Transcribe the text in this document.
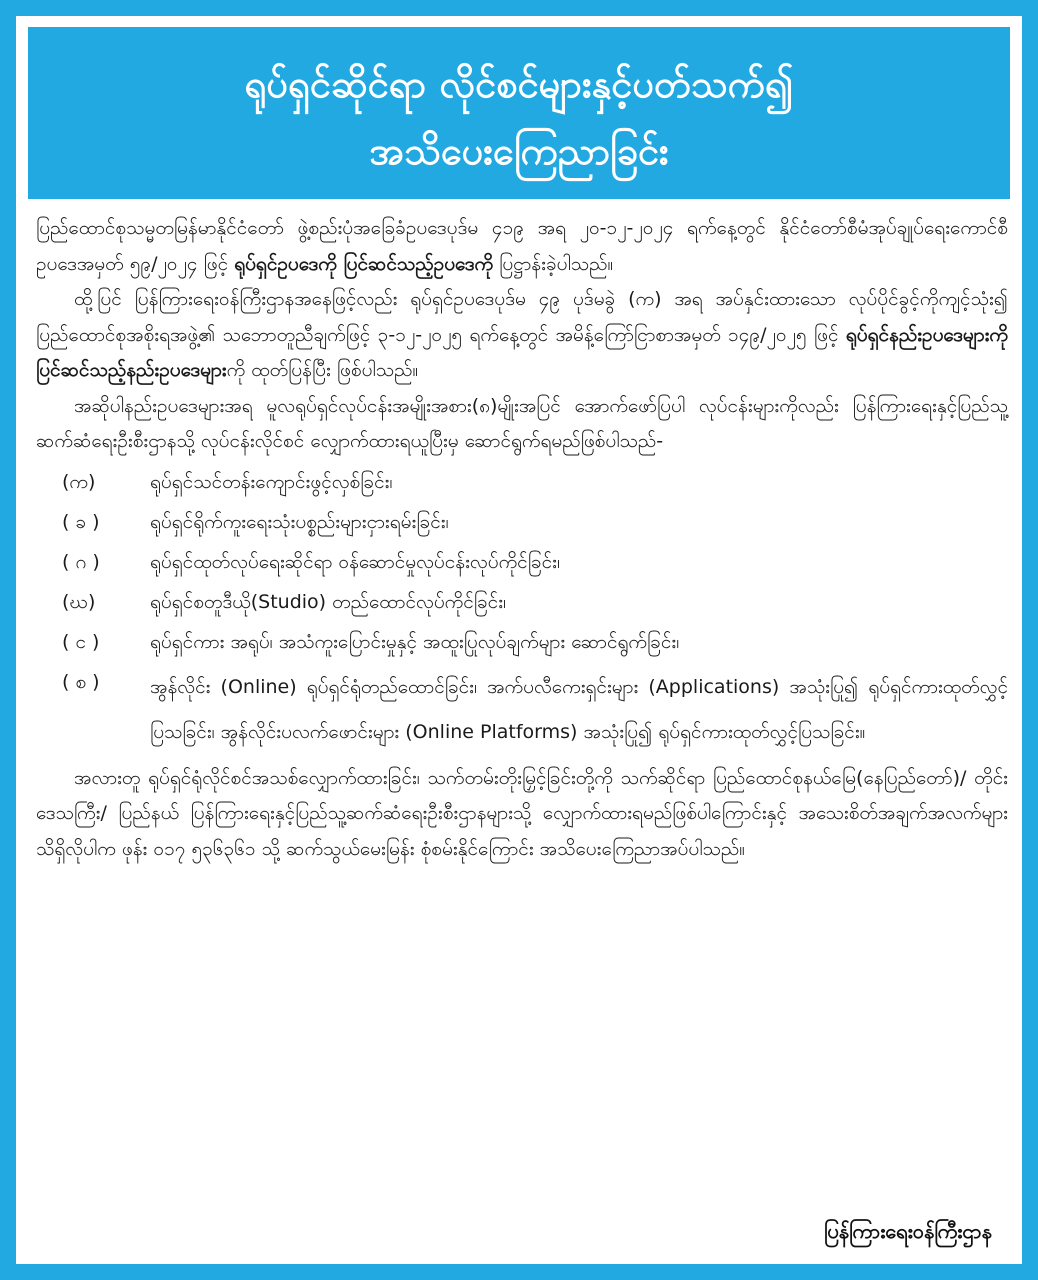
ရုပ်ရှင်ဆိုင်ရာ လိုင်စင်များနှင့်ပတ်သက်၍
အသိပေးကြေညာခြင်း

ပြည်ထောင်စုသမ္မတမြန်မာနိုင်ငံတော် ဖွဲ့စည်းပုံအခြေခံဥပဒေပုဒ်မ ၄၁၉ အရ ၂၀-၁၂-၂၀၂၄ ရက်နေ့တွင် နိုင်ငံတော်စီမံအုပ်ချုပ်ရေးကောင်စီ ဥပဒေအမှတ် ၅၉/၂၀၂၄ ဖြင့် ရုပ်ရှင်ဥပဒေကို ပြင်ဆင်သည့်ဥပဒေကို ပြဋ္ဌာန်းခဲ့ပါသည်။

ထို့ပြင် ပြန်ကြားရေးဝန်ကြီးဌာနအနေဖြင့်လည်း ရုပ်ရှင်ဥပဒေပုဒ်မ ၄၉ ပုဒ်မခွဲ (က) အရ အပ်နှင်းထားသော လုပ်ပိုင်ခွင့်ကိုကျင့်သုံး၍ ပြည်ထောင်စုအစိုးရအဖွဲ့၏ သဘောတူညီချက်ဖြင့် ၃-၁၂-၂၀၂၅ ရက်နေ့တွင် အမိန့်ကြော်ငြာစာအမှတ် ၁၄၉/၂၀၂၅ ဖြင့် ရုပ်ရှင်နည်းဥပဒေများကို ပြင်ဆင်သည့်နည်းဥပဒေများကို ထုတ်ပြန်ပြီး ဖြစ်ပါသည်။

အဆိုပါနည်းဥပဒေများအရ မူလရုပ်ရှင်လုပ်ငန်းအမျိုးအစား(၈)မျိုးအပြင် အောက်ဖော်ပြပါ လုပ်ငန်းများကိုလည်း ပြန်ကြားရေးနှင့်ပြည်သူ့ဆက်ဆံရေးဦးစီးဌာနသို့ လုပ်ငန်းလိုင်စင် လျှောက်ထားရယူပြီးမှ ဆောင်ရွက်ရမည်ဖြစ်ပါသည်-

(က)	ရုပ်ရှင်သင်တန်းကျောင်းဖွင့်လှစ်ခြင်း၊
( ခ )	ရုပ်ရှင်ရိုက်ကူးရေးသုံးပစ္စည်းများငှားရမ်းခြင်း၊
( ဂ )	ရုပ်ရှင်ထုတ်လုပ်ရေးဆိုင်ရာ ဝန်ဆောင်မှုလုပ်ငန်းလုပ်ကိုင်ခြင်း၊
(ဃ)	ရုပ်ရှင်စတူဒီယို(Studio) တည်ထောင်လုပ်ကိုင်ခြင်း၊
( င )	ရုပ်ရှင်ကား အရုပ်၊ အသံကူးပြောင်းမှုနှင့် အထူးပြုလုပ်ချက်များ ဆောင်ရွက်ခြင်း၊
( စ )	အွန်လိုင်း (Online) ရုပ်ရှင်ရုံတည်ထောင်ခြင်း၊ အက်ပလီကေးရှင်းများ (Applications) အသုံးပြု၍ ရုပ်ရှင်ကားထုတ်လွှင့်ပြသခြင်း၊ အွန်လိုင်းပလက်ဖောင်းများ (Online Platforms) အသုံးပြု၍ ရုပ်ရှင်ကားထုတ်လွှင့်ပြသခြင်း။

အလားတူ ရုပ်ရှင်ရုံလိုင်စင်အသစ်လျှောက်ထားခြင်း၊ သက်တမ်းတိုးမြှင့်ခြင်းတို့ကို သက်ဆိုင်ရာ ပြည်ထောင်စုနယ်မြေ(နေပြည်တော်)/ တိုင်းဒေသကြီး/ ပြည်နယ် ပြန်ကြားရေးနှင့်ပြည်သူ့ဆက်ဆံရေးဦးစီးဌာနများသို့ လျှောက်ထားရမည်ဖြစ်ပါကြောင်းနှင့် အသေးစိတ်အချက်အလက်များ သိရှိလိုပါက ဖုန်း ၀၁၇ ၅၃၆၃၆၁ သို့ ဆက်သွယ်မေးမြန်း စုံစမ်းနိုင်ကြောင်း အသိပေးကြေညာအပ်ပါသည်။

ပြန်ကြားရေးဝန်ကြီးဌာန
